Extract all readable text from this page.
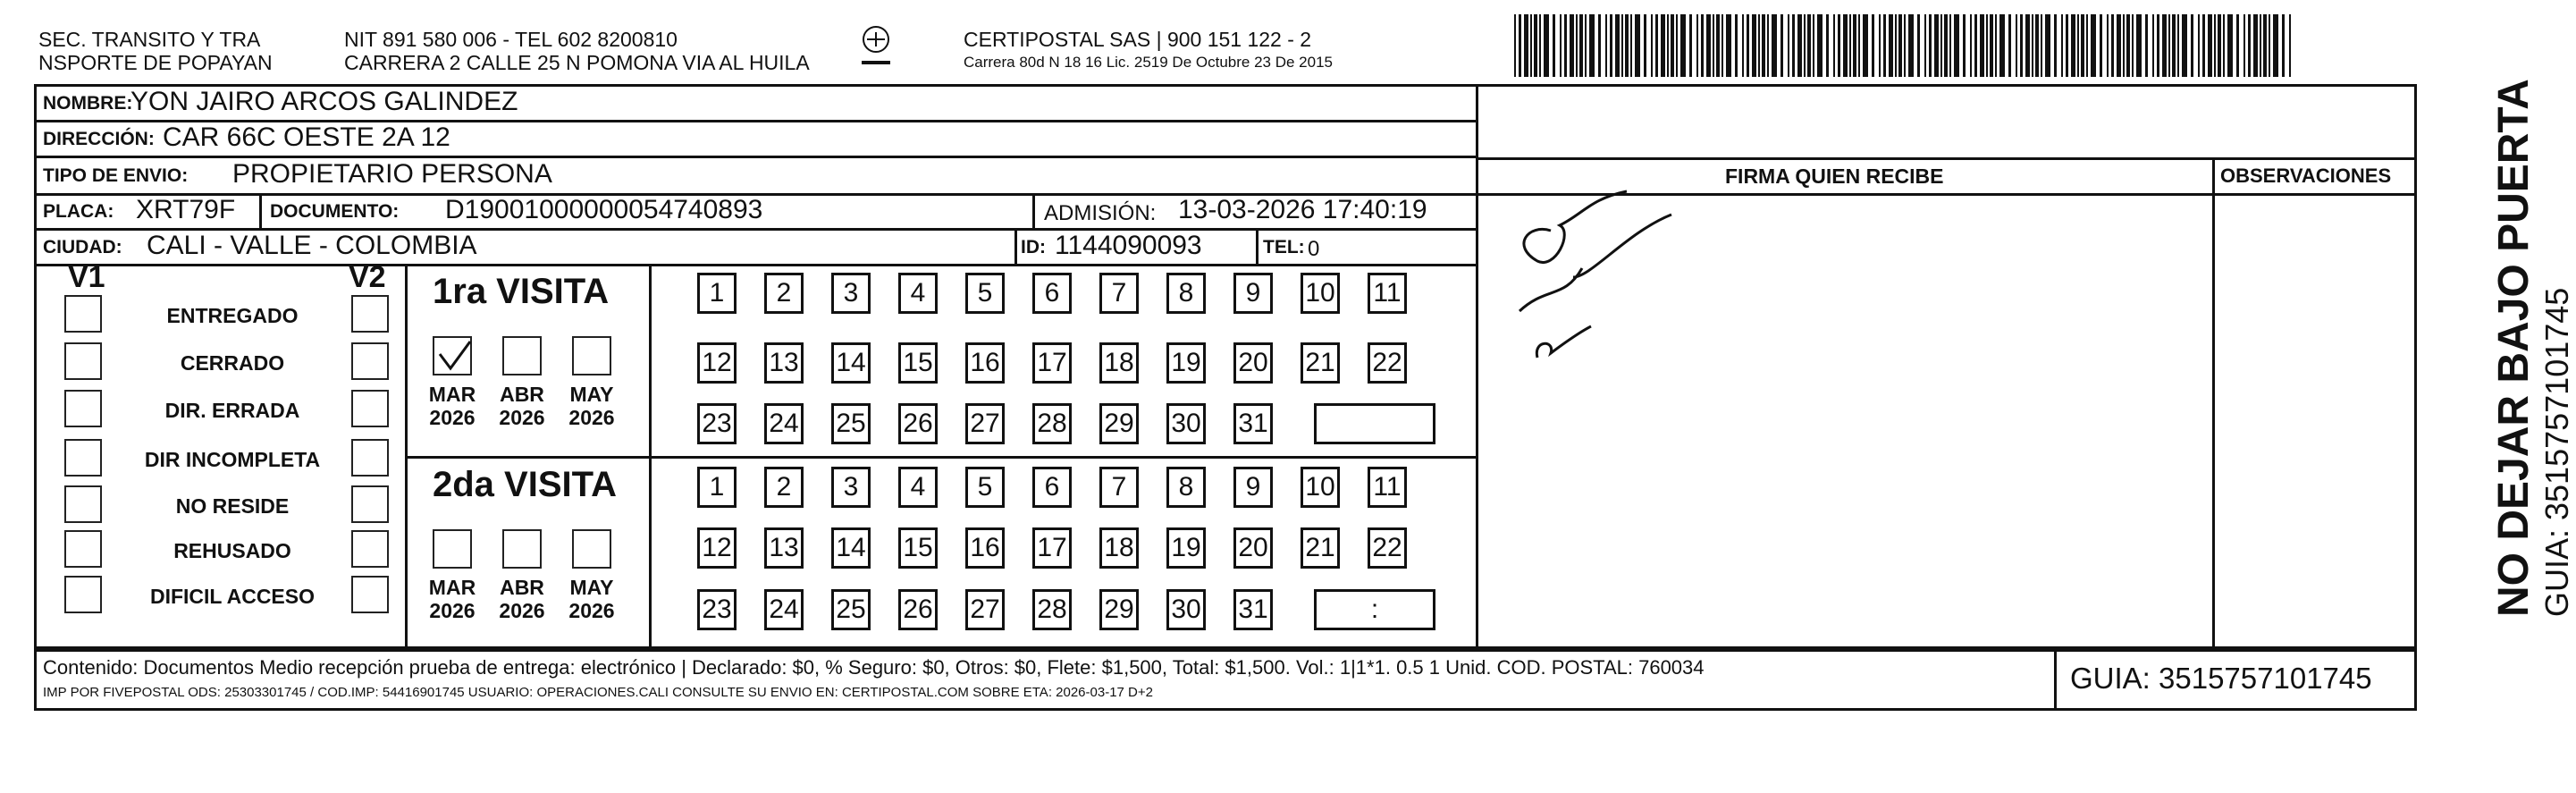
SEC. TRANSITO Y TRA
NSPORTE DE POPAYAN
NIT 891 580 006 - TEL 602 8200810
CARRERA 2 CALLE 25 N POMONA VIA AL HUILA
CERTIPOSTAL SAS | 900 151 122 - 2
Carrera 80d N 18 16 Lic. 2519 De Octubre 23 De 2015
NOMBRE:
YON JAIRO ARCOS GALINDEZ
DIRECCIÓN: CAR 66C OESTE 2A 12
TIPO DE ENVIO: PROPIETARIO PERSONA
PLACA: XRT79F DOCUMENTO: D19001000000054740893	ADMISIÓN: 13-03-2026 17:40:19
CIUDAD: CALI - VALLE - COLOMBIA	ID: 1144090093	TEL: 0
FIRMA QUIEN RECIBE	OBSERVACIONES
V1	V2
ENTREGADO
CERRADO
DIR. ERRADA
DIR INCOMPLETA
NO RESIDE
REHUSADO
DIFICIL ACCESO
1ra VISITA
2da VISITA
MAR
2026
ABR
2026
MAY
2026
MAR
2026
ABR
2026
MAY
2026
1	2	3	4	5	6	7	8	9	10 11
12 13 14 15 16 17 18 19 20 21 22
23 24 25 26 27 28 29 30 31
1	2	3	4	5	6	7	8	9	10 11
12 13 14 15 16 17 18 19 20 21 22
23 24 25 26 27 28 29 30 31	:
Contenido: Documentos Medio recepción prueba de entrega: electrónico | Declarado: $0, % Seguro: $0, Otros: $0, Flete: $1,500, Total: $1,500. Vol.: 1|1*1. 0.5 1 Unid. COD. POSTAL: 760034
IMP POR FIVEPOSTAL ODS: 25303301745 / COD.IMP: 54416901745 USUARIO: OPERACIONES.CALI CONSULTE SU ENVIO EN: CERTIPOSTAL.COM SOBRE ETA: 2026-03-17 D+2	GUIA: 3515757101745
NO DEJAR BAJO PUERTA GUIA: 3515757101745
